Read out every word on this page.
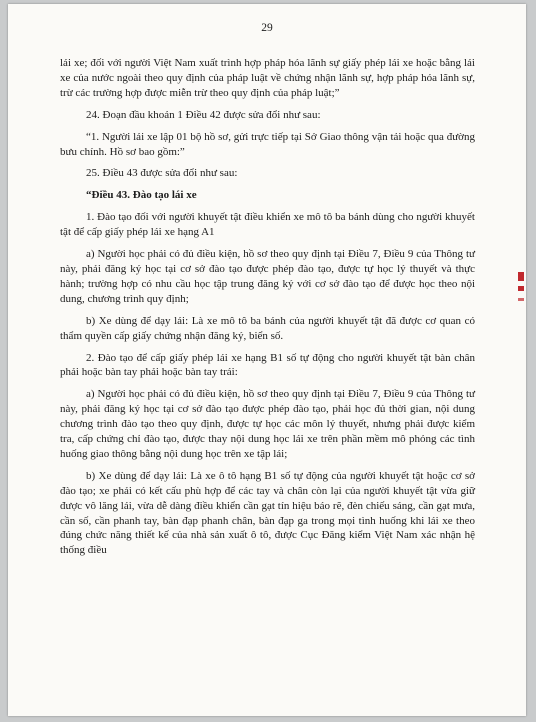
29

lái xe; đối với người Việt Nam xuất trình hợp pháp hóa lãnh sự giấy phép lái xe hoặc bằng lái xe của nước ngoài theo quy định của pháp luật về chứng nhận lãnh sự, hợp pháp hóa lãnh sự, trừ các trường hợp được miễn trừ theo quy định của pháp luật;”

24. Đoạn đầu khoản 1 Điều 42 được sửa đổi như sau:

“1. Người lái xe lập 01 bộ hồ sơ, gửi trực tiếp tại Sở Giao thông vận tải hoặc qua đường bưu chính. Hồ sơ bao gồm:”

25. Điều 43 được sửa đổi như sau:

“Điều 43. Đào tạo lái xe

1. Đào tạo đối với người khuyết tật điều khiển xe mô tô ba bánh dùng cho người khuyết tật để cấp giấy phép lái xe hạng A1

a) Người học phải có đủ điều kiện, hồ sơ theo quy định tại Điều 7, Điều 9 của Thông tư này, phải đăng ký học tại cơ sở đào tạo được phép đào tạo, được tự học lý thuyết và thực hành; trường hợp có nhu cầu học tập trung đăng ký với cơ sở đào tạo để được học theo nội dung, chương trình quy định;

b) Xe dùng để dạy lái: Là xe mô tô ba bánh của người khuyết tật đã được cơ quan có thẩm quyền cấp giấy chứng nhận đăng ký, biển số.

2. Đào tạo để cấp giấy phép lái xe hạng B1 số tự động cho người khuyết tật bàn chân phải hoặc bàn tay phải hoặc bàn tay trái:

a) Người học phải có đủ điều kiện, hồ sơ theo quy định tại Điều 7, Điều 9 của Thông tư này, phải đăng ký học tại cơ sở đào tạo được phép đào tạo, phải học đủ thời gian, nội dung chương trình đào tạo theo quy định, được tự học các môn lý thuyết, nhưng phải được kiểm tra, cấp chứng chỉ đào tạo, được thay nội dung học lái xe trên phần mềm mô phỏng các tình huống giao thông bằng nội dung học trên xe tập lái;

b) Xe dùng để dạy lái: Là xe ô tô hạng B1 số tự động của người khuyết tật hoặc cơ sở đào tạo; xe phải có kết cấu phù hợp để các tay và chân còn lại của người khuyết tật vừa giữ được vô lăng lái, vừa dễ dàng điều khiển cần gạt tín hiệu báo rẽ, đèn chiếu sáng, cần gạt mưa, cần số, cần phanh tay, bàn đạp phanh chân, bàn đạp ga trong mọi tình huống khi lái xe theo đúng chức năng thiết kế của nhà sản xuất ô tô, được Cục Đăng kiểm Việt Nam xác nhận hệ thống điều
